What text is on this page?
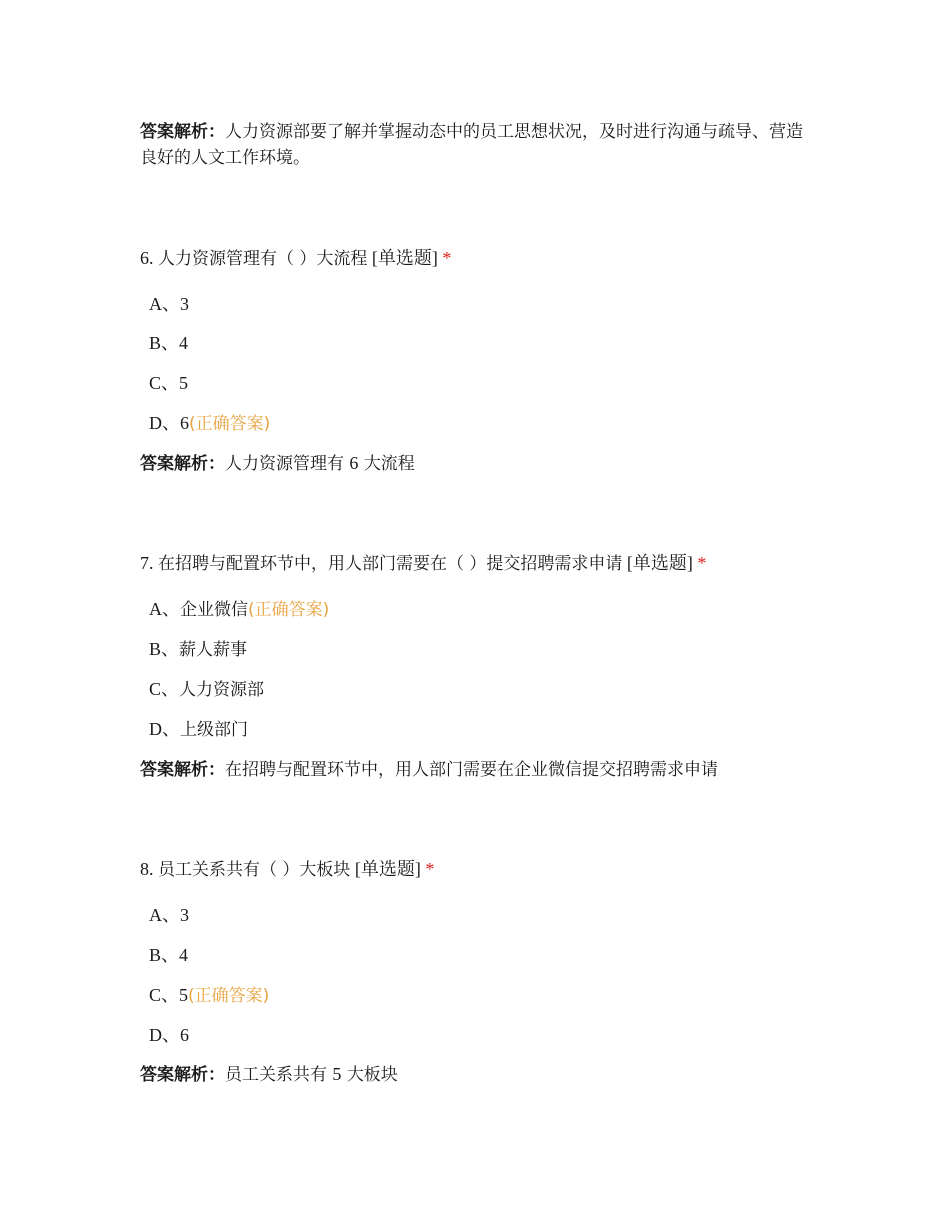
答案解析：人力资源部要了解并掌握动态中的员工思想状况，及时进行沟通与疏导、营造良好的人文工作环境。
6. 人力资源管理有（ ）大流程 [单选题] *
A、3
B、4
C、5
D、6(正确答案)
答案解析：人力资源管理有 6 大流程
7. 在招聘与配置环节中，用人部门需要在（ ）提交招聘需求申请 [单选题] *
A、企业微信(正确答案)
B、薪人薪事
C、人力资源部
D、上级部门
答案解析：在招聘与配置环节中，用人部门需要在企业微信提交招聘需求申请
8. 员工关系共有（ ）大板块 [单选题] *
A、3
B、4
C、5(正确答案)
D、6
答案解析：员工关系共有 5 大板块
